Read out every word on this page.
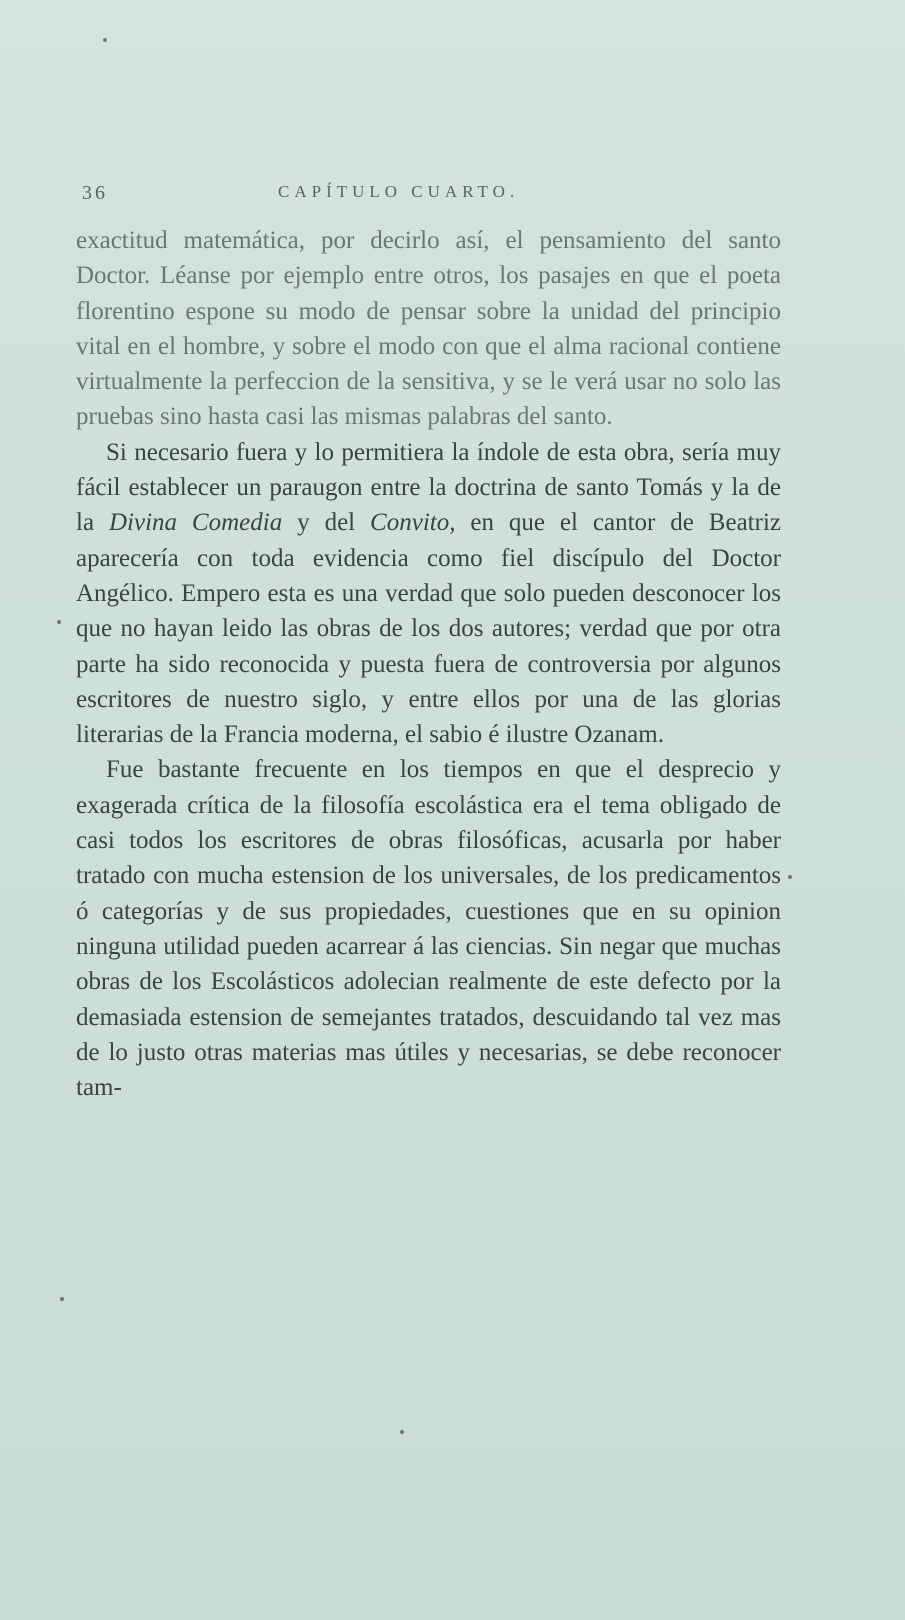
36	CAPÍTULO CUARTO.

exactitud matemática, por decirlo así, el pensamiento del santo Doctor. Léanse por ejemplo entre otros, los pasajes en que el poeta florentino espone su modo de pensar sobre la unidad del principio vital en el hombre, y sobre el modo con que el alma racional contiene virtualmente la perfeccion de la sensitiva, y se le verá usar no solo las pruebas sino hasta casi las mismas palabras del santo.

Si necesario fuera y lo permitiera la índole de esta obra, sería muy fácil establecer un paraugon entre la doctrina de santo Tomás y la de la Divina Comedia y del Convito, en que el cantor de Beatriz aparecería con toda evidencia como fiel discípulo del Doctor Angélico. Empero esta es una verdad que solo pueden desconocer los que no hayan leido las obras de los dos autores; verdad que por otra parte ha sido reconocida y puesta fuera de controversia por algunos escritores de nuestro siglo, y entre ellos por una de las glorias literarias de la Francia moderna, el sabio é ilustre Ozanam.

Fue bastante frecuente en los tiempos en que el desprecio y exagerada crítica de la filosofía escolástica era el tema obligado de casi todos los escritores de obras filosóficas, acusarla por haber tratado con mucha estension de los universales, de los predicamentos ó categorías y de sus propiedades, cuestiones que en su opinion ninguna utilidad pueden acarrear á las ciencias. Sin negar que muchas obras de los Escolásticos adolecian realmente de este defecto por la demasiada estension de semejantes tratados, descuidando tal vez mas de lo justo otras materias mas útiles y necesarias, se debe reconocer tam-
